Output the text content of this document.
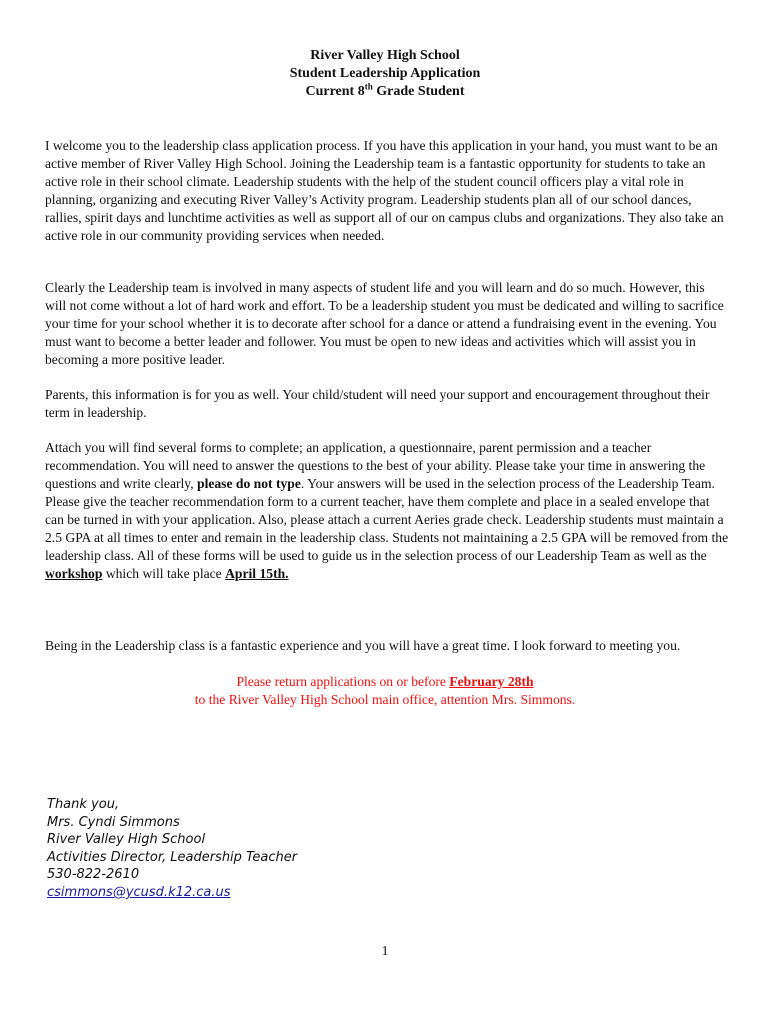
River Valley High School
Student Leadership Application
Current 8th Grade Student
I welcome you to the leadership class application process. If you have this application in your hand, you must want to be an active member of River Valley High School. Joining the Leadership team is a fantastic opportunity for students to take an active role in their school climate. Leadership students with the help of the student council officers play a vital role in planning, organizing and executing River Valley’s Activity program. Leadership students plan all of our school dances, rallies, spirit days and lunchtime activities as well as support all of our on campus clubs and organizations. They also take an active role in our community providing services when needed.
Clearly the Leadership team is involved in many aspects of student life and you will learn and do so much. However, this will not come without a lot of hard work and effort. To be a leadership student you must be dedicated and willing to sacrifice your time for your school whether it is to decorate after school for a dance or attend a fundraising event in the evening. You must want to become a better leader and follower. You must be open to new ideas and activities which will assist you in becoming a more positive leader.
Parents, this information is for you as well. Your child/student will need your support and encouragement throughout their term in leadership.
Attach you will find several forms to complete; an application, a questionnaire, parent permission and a teacher recommendation. You will need to answer the questions to the best of your ability. Please take your time in answering the questions and write clearly, please do not type. Your answers will be used in the selection process of the Leadership Team. Please give the teacher recommendation form to a current teacher, have them complete and place in a sealed envelope that can be turned in with your application. Also, please attach a current Aeries grade check. Leadership students must maintain a 2.5 GPA at all times to enter and remain in the leadership class. Students not maintaining a 2.5 GPA will be removed from the leadership class. All of these forms will be used to guide us in the selection process of our Leadership Team as well as the workshop which will take place April 15th.
Being in the Leadership class is a fantastic experience and you will have a great time. I look forward to meeting you.
Please return applications on or before February 28th
to the River Valley High School main office, attention Mrs. Simmons.
Thank you,
Mrs. Cyndi Simmons
River Valley High School
Activities Director, Leadership Teacher
530-822-2610
csimmons@ycusd.k12.ca.us
1
